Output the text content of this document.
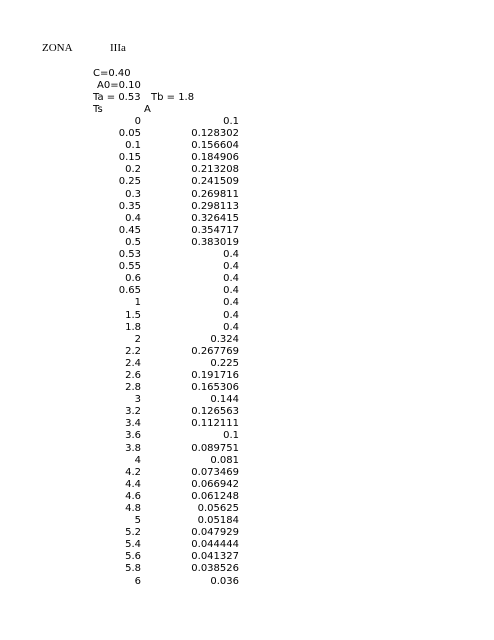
ZONA	IIIa
C=0.40
A0=0.10
Ta = 0.53 Tb = 1.8
Ts	A
0	0.1
0.05	0.128302
0.1	0.156604
0.15	0.184906
0.2	0.213208
0.25	0.241509
0.3	0.269811
0.35	0.298113
0.4	0.326415
0.45	0.354717
0.5	0.383019
0.53	0.4
0.55	0.4
0.6	0.4
0.65	0.4
1	0.4
1.5	0.4
1.8	0.4
2	0.324
2.2	0.267769
2.4	0.225
2.6	0.191716
2.8	0.165306
3	0.144
3.2	0.126563
3.4	0.112111
3.6	0.1
3.8	0.089751
4	0.081
4.2	0.073469
4.4	0.066942
4.6	0.061248
4.8	0.05625
5	0.05184
5.2	0.047929
5.4	0.044444
5.6	0.041327
5.8	0.038526
6	0.036
